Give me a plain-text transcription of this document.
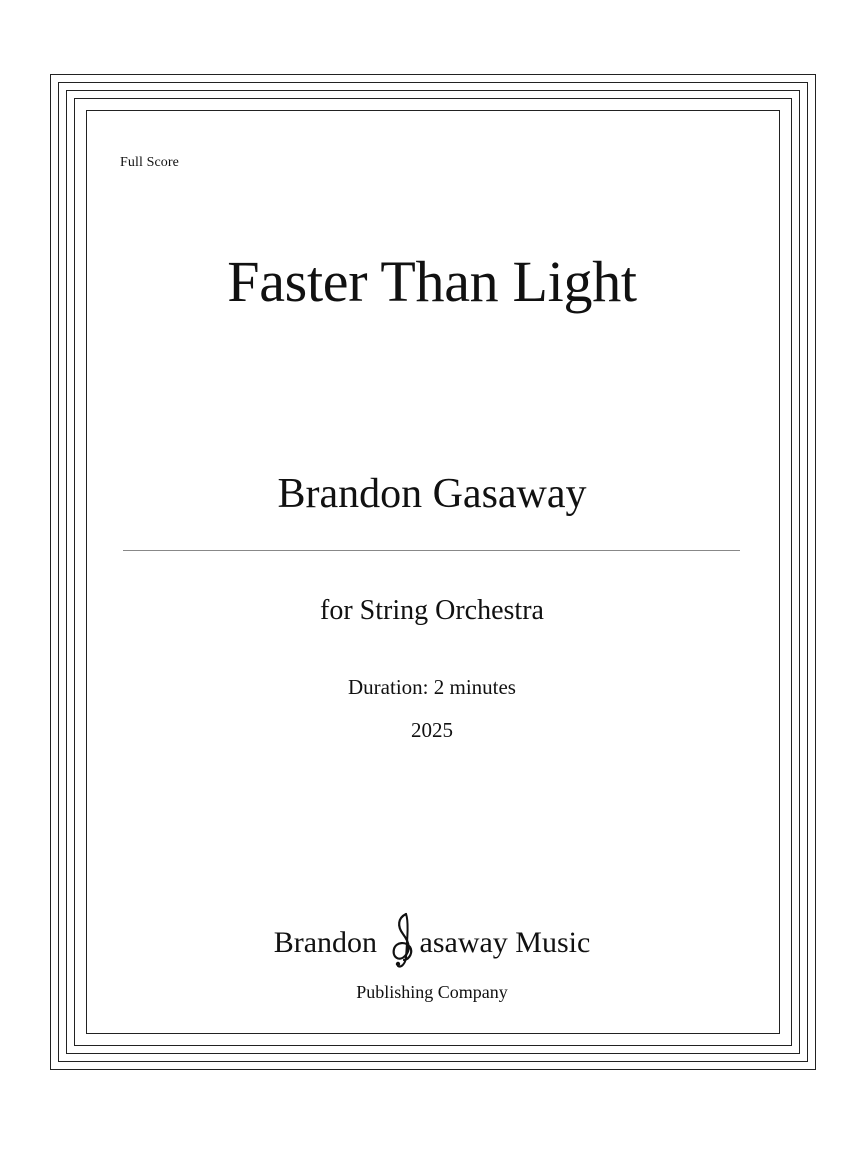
Full Score
Faster Than Light
Brandon Gasaway
for String Orchestra
Duration: 2 minutes
2025
Brandon asaway Music
Publishing Company
